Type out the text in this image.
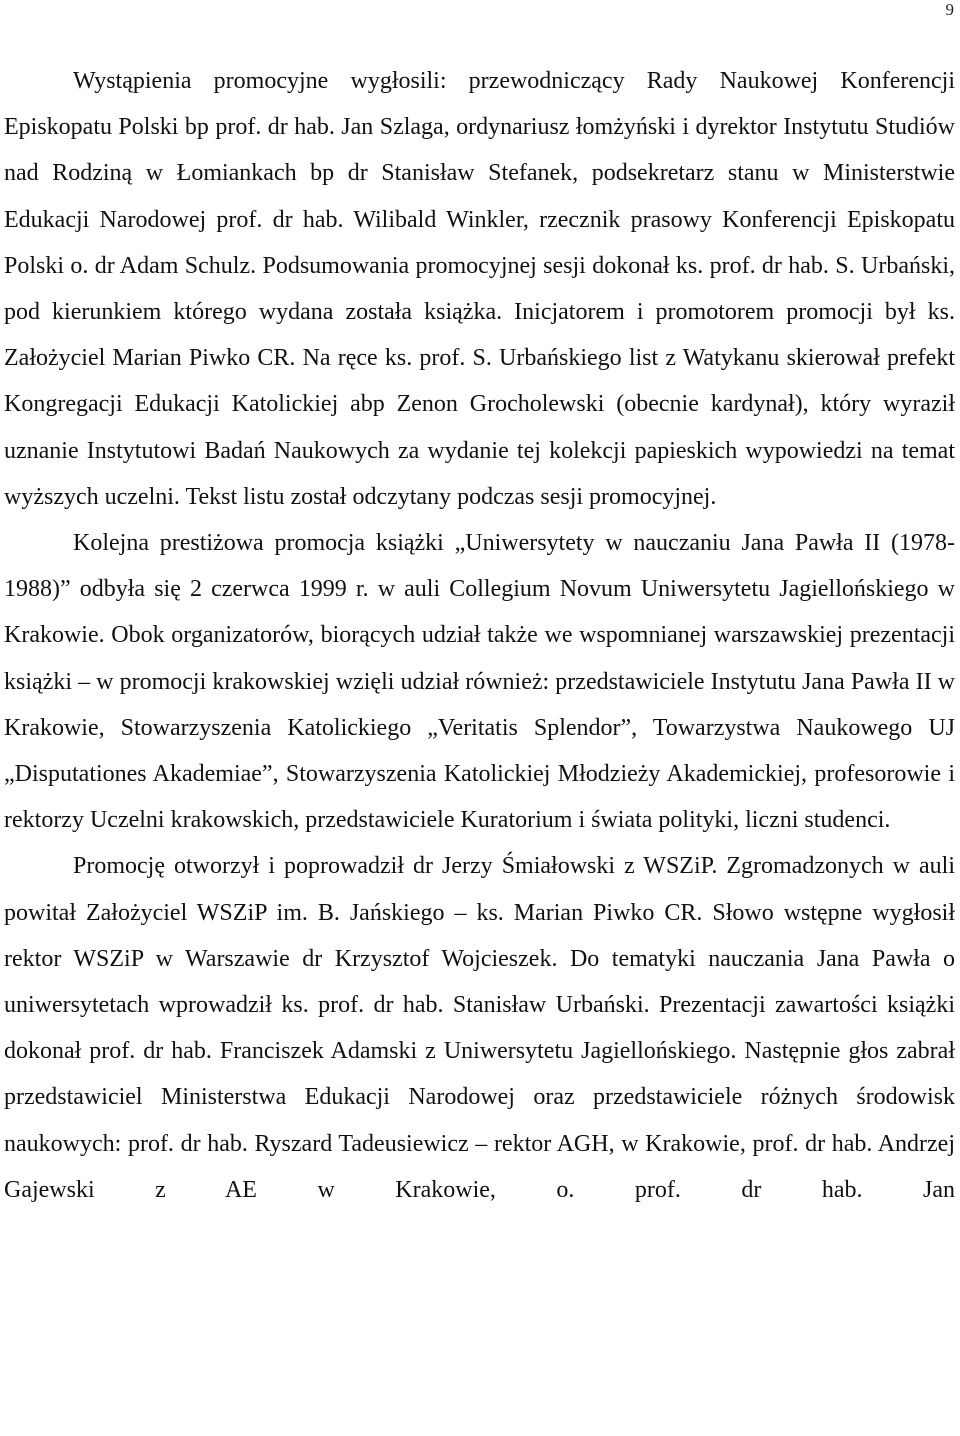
9

Wystąpienia promocyjne wygłosili: przewodniczący Rady Naukowej Konferencji Episkopatu Polski bp prof. dr hab. Jan Szlaga, ordynariusz łomżyński i dyrektor Instytutu Studiów nad Rodziną w Łomiankach bp dr Stanisław Stefanek, podsekretarz stanu w Ministerstwie Edukacji Narodowej prof. dr hab. Wilibald Winkler, rzecznik prasowy Konferencji Episkopatu Polski o. dr Adam Schulz. Podsumowania promocyjnej sesji dokonał ks. prof. dr hab. S. Urbański, pod kierunkiem którego wydana została książka. Inicjatorem i promotorem promocji był ks. Założyciel Marian Piwko CR. Na ręce ks. prof. S. Urbańskiego list z Watykanu skierował prefekt Kongregacji Edukacji Katolickiej abp Zenon Grocholewski (obecnie kardynał), który wyraził uznanie Instytutowi Badań Naukowych za wydanie tej kolekcji papieskich wypowiedzi na temat wyższych uczelni. Tekst listu został odczytany podczas sesji promocyjnej.

Kolejna prestiżowa promocja książki „Uniwersytety w nauczaniu Jana Pawła II (1978-1988)” odbyła się 2 czerwca 1999 r. w auli Collegium Novum Uniwersytetu Jagiellońskiego w Krakowie. Obok organizatorów, biorących udział także we wspomnianej warszawskiej prezentacji książki – w promocji krakowskiej wzięli udział również: przedstawiciele Instytutu Jana Pawła II w Krakowie, Stowarzyszenia Katolickiego „Veritatis Splendor”, Towarzystwa Naukowego UJ „Disputationes Akademiae”, Stowarzyszenia Katolickiej Młodzieży Akademickiej, profesorowie i rektorzy Uczelni krakowskich, przedstawiciele Kuratorium i świata polityki, liczni studenci.

Promocję otworzył i poprowadził dr Jerzy Śmiałowski z WSZiP. Zgromadzonych w auli powitał Założyciel WSZiP im. B. Jańskiego – ks. Marian Piwko CR. Słowo wstępne wygłosił rektor WSZiP w Warszawie dr Krzysztof Wojcieszek. Do tematyki nauczania Jana Pawła o uniwersytetach wprowadził ks. prof. dr hab. Stanisław Urbański. Prezentacji zawartości książki dokonał prof. dr hab. Franciszek Adamski z Uniwersytetu Jagiellońskiego. Następnie głos zabrał przedstawiciel Ministerstwa Edukacji Narodowej oraz przedstawiciele różnych środowisk naukowych: prof. dr hab. Ryszard Tadeusiewicz – rektor AGH, w Krakowie, prof. dr hab. Andrzej Gajewski z AE w Krakowie, o. prof. dr hab. Jan
